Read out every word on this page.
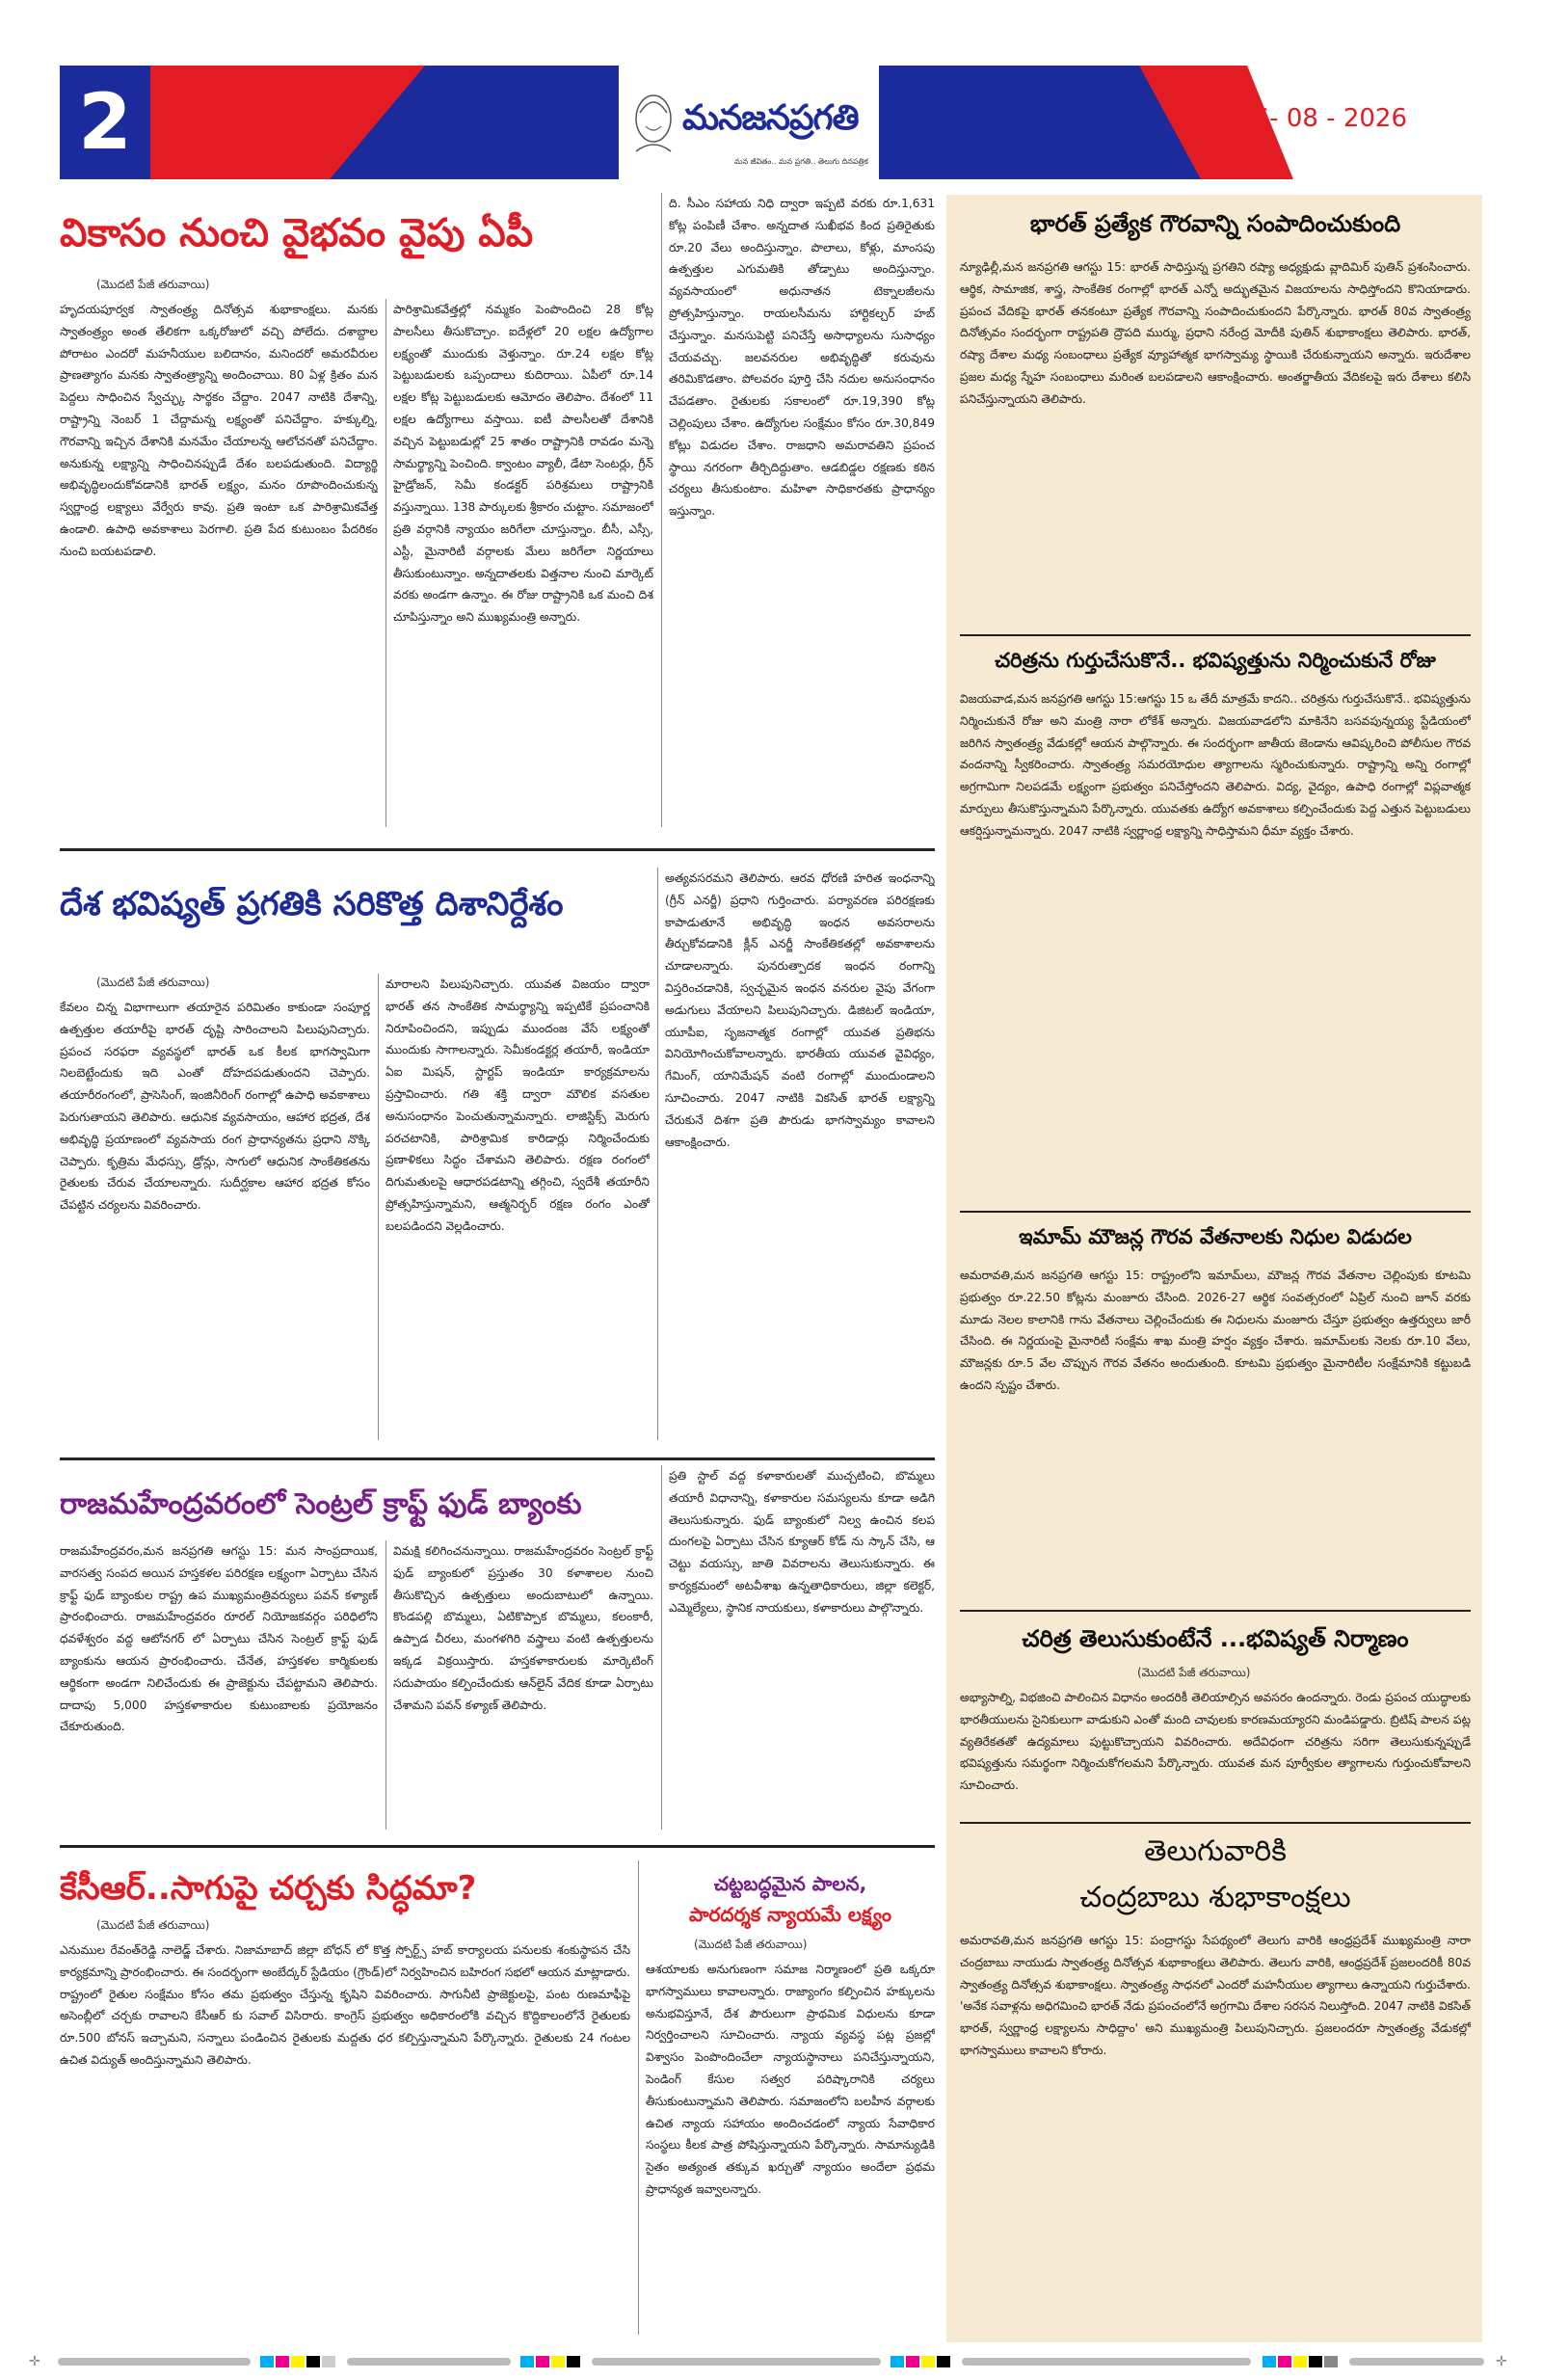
2	మనజనప్రగతి
మన జీవితం.. మన ప్రగతి.. తెలుగు దినపత్రిక
16- 08 - 2026
వికాసం నుంచి వైభవం వైపు ఏపీ
(మొదటి పేజీ తరువాయి)
హృదయపూర్వక స్వాతంత్ర్య దినోత్సవ శుభాకాంక్షలు. మనకు స్వాతంత్ర్యం అంత తేలికగా ఒక్కరోజులో వచ్చి పోలేదు. దశాబ్దాల పోరాటం ఎందరో మహనీయుల బలిదానం, మనిందరో అమరవీరుల ప్రాణత్యాగం మనకు స్వాతంత్ర్యాన్ని అందించాయి. 80 ఏళ్ల క్రితం మన పెద్దలు సాధించిన స్వేచ్ఛ్కు సార్థకం చేద్దాం. 2047 నాటికి దేశాన్ని, రాష్ట్రాన్ని నెంబర్ 1 చేద్దామన్న లక్ష్యంతో పనిచేద్దాం. హక్కుల్ని, గౌరవాన్ని ఇచ్చిన దేశానికి మనమేం చేయాలన్న ఆలోచనతో పనిచేద్దాం. అనుకున్న లక్ష్యాన్ని సాధించినప్పుడే దేశం బలపడుతుంది. విద్యార్థి అభివృద్ధిలందుకోవడానికి భారత్ లక్ష్యం, మనం రూపొందించుకున్న స్వర్ణాంధ్ర లక్ష్యాలు వేర్వేరు కావు. ప్రతి ఇంటా ఒక పారిశ్రామికవేత్త ఉండాలి. ఉపాధి అవకాశాలు పెరగాలి. ప్రతి పేద కుటుంబం పేదరికం నుంచి బయటపడాలి.
పారిశ్రామికవేత్తల్లో నమ్మకం పెంపొందించి 28 కోట్ల పాలసీలు తీసుకొచ్చాం. ఐదేళ్లలో 20 లక్షల ఉద్యోగాల లక్ష్యంతో ముందుకు వెళ్తున్నాం. రూ.24 లక్షల కోట్ల పెట్టుబడులకు ఒప్పందాలు కుదిరాయి. ఏపీలో రూ.14 లక్షల కోట్ల పెట్టుబడులకు ఆమోదం తెలిపాం. దేశంలో 11 లక్షల ఉద్యోగాలు వస్తాయి. ఐటీ పాలసీలతో దేశానికి వచ్చిన పెట్టుబడుల్లో 25 శాతం రాష్ట్రానికి రావడం మన్నె సామర్థ్యాన్ని పెంచింది. క్వాంటం వ్యాలీ, డేటా సెంటర్లు, గ్రీన్ హైడ్రోజన్, సెమీ కండక్టర్ పరిశ్రమలు రాష్ట్రానికి వస్తున్నాయి. 138 పార్కులకు శ్రీకారం చుట్టాం. సమాజంలో ప్రతి వర్గానికి న్యాయం జరిగేలా చూస్తున్నాం. బీసీ, ఎస్సీ, ఎస్టీ, మైనారిటీ వర్గాలకు మేలు జరిగేలా నిర్ణయాలు తీసుకుంటున్నాం. అన్నదాతలకు విత్తనాల నుంచి మార్కెట్ వరకు అండగా ఉన్నాం. ఈ రోజు రాష్ట్రానికి ఒక మంచి దిశ చూపిస్తున్నాం అని ముఖ్యమంత్రి అన్నారు.
ది. సీఎం సహాయ నిధి ద్వారా ఇప్పటి వరకు రూ.1,631 కోట్ల పంపిణీ చేశాం. అన్నదాత సుఖీభవ కింద ప్రతిరైతుకు రూ.20 వేలు అందిస్తున్నాం. పొలాలు, కోళ్లు, మాంసపు ఉత్పత్తుల ఎగుమతికి తోడ్పాటు అందిస్తున్నాం. వ్యవసాయంలో అధునాతన టెక్నాలజీలను ప్రోత్సహిస్తున్నాం. రాయలసీమను హార్టికల్చర్ హబ్ చేస్తున్నాం. మనసుపెట్టి పనిచేస్తే అసాధ్యాలను సుసాధ్యం చేయవచ్చు. జలవనరుల అభివృద్ధితో కరువును తరిమికొడతాం. పోలవరం పూర్తి చేసి నదుల అనుసంధానం చేపడతాం. రైతులకు సకాలంలో రూ.19,390 కోట్ల చెల్లింపులు చేశాం. ఉద్యోగుల సంక్షేమం కోసం రూ.30,849 కోట్లు విడుదల చేశాం. రాజధాని అమరావతిని ప్రపంచ స్థాయి నగరంగా తీర్చిదిద్దుతాం. ఆడబిడ్డల రక్షణకు కఠిన చర్యలు తీసుకుంటాం. మహిళా సాధికారతకు ప్రాధాన్యం ఇస్తున్నాం.
దేశ భవిష్యత్ ప్రగతికి సరికొత్త దిశానిర్దేశం
(మొదటి పేజీ తరువాయి)
కేవలం చిన్న విభాగాలుగా తయారైన పరిమితం కాకుండా సంపూర్ణ ఉత్పత్తుల తయారీపై భారత్ దృష్టి సారించాలని పిలుపునిచ్చారు. ప్రపంచ సరఫరా వ్యవస్థలో భారత్ ఒక కీలక భాగస్వామిగా నిలబెట్టేందుకు ఇది ఎంతో దోహదపడుతుందని చెప్పారు. తయారీరంగంలో, ప్రాసెసింగ్, ఇంజినీరింగ్ రంగాల్లో ఉపాధి అవకాశాలు పెరుగుతాయని తెలిపారు. ఆధునిక వ్యవసాయం, ఆహార భద్రత, దేశ అభివృద్ధి ప్రయాణంలో వ్యవసాయ రంగ ప్రాధాన్యతను ప్రధాని నొక్కి చెప్పారు. కృత్రిమ మేధస్సు, డ్రోన్లు, సాగులో ఆధునిక సాంకేతికతను రైతులకు చేరువ చేయాలన్నారు. సుదీర్ఘకాల ఆహార భద్రత కోసం చేపట్టిన చర్యలను వివరించారు.
మారాలని పిలుపునిచ్చారు. యువత విజయం ద్వారా భారత్ తన సాంకేతిక సామర్థ్యాన్ని ఇప్పటికే ప్రపంచానికి నిరూపించిందని, ఇప్పుడు ముందంజ వేసే లక్ష్యంతో ముందుకు సాగాలన్నారు. సెమీకండక్టర్ల తయారీ, ఇండియా ఏఐ మిషన్, స్టార్టప్ ఇండియా కార్యక్రమాలను ప్రస్తావించారు. గతి శక్తి ద్వారా మౌలిక వసతుల అనుసంధానం పెంచుతున్నామన్నారు. లాజిస్టిక్స్ మెరుగు పరచటానికి, పారిశ్రామిక కారిడార్లు నిర్మించేందుకు ప్రణాళికలు సిద్ధం చేశామని తెలిపారు. రక్షణ రంగంలో దిగుమతులపై ఆధారపడటాన్ని తగ్గించి, స్వదేశీ తయారీని ప్రోత్సహిస్తున్నామని, ఆత్మనిర్భర్ రక్షణ రంగం ఎంతో బలపడిందని వెల్లడించారు.
అత్యవసరమని తెలిపారు. ఆరవ ధోరణి హరిత ఇంధనాన్ని (గ్రీన్ ఎనర్జీ) ప్రధాని గుర్తించారు. పర్యావరణ పరిరక్షణకు కాపాడుతూనే అభివృద్ధి ఇంధన అవసరాలను తీర్చుకోవడానికి క్లీన్ ఎనర్జీ సాంకేతికతల్లో అవకాశాలను చూడాలన్నారు. పునరుత్పాదక ఇంధన రంగాన్ని విస్తరించడానికి, స్వచ్ఛమైన ఇంధన వనరుల వైపు వేగంగా అడుగులు వేయాలని పిలుపునిచ్చారు. డిజిటల్ ఇండియా, యూపీఐ, సృజనాత్మక రంగాల్లో యువత ప్రతిభను వినియోగించుకోవాలన్నారు. భారతీయ యువత వైవిధ్యం, గేమింగ్, యానిమేషన్ వంటి రంగాల్లో ముందుండాలని సూచించారు. 2047 నాటికి వికసిత్ భారత్ లక్ష్యాన్ని చేరుకునే దిశగా ప్రతి పౌరుడు భాగస్వామ్యం కావాలని ఆకాంక్షించారు.
రాజమహేంద్రవరంలో సెంట్రల్ క్రాఫ్ట్ ఫుడ్ బ్యాంకు
రాజమహేంద్రవరం,మన జనప్రగతి ఆగస్టు 15: మన సాంప్రదాయిక, వారసత్వ సంపద అయిన హస్తకళల పరిరక్షణ లక్ష్యంగా ఏర్పాటు చేసిన క్రాఫ్ట్ ఫుడ్ బ్యాంకుల రాష్ట్ర ఉప ముఖ్యమంత్రివర్యులు పవన్ కళ్యాణ్ ప్రారంభించారు. రాజమహేంద్రవరం రూరల్ నియోజకవర్గం పరిధిలోని ధవళేశ్వరం వద్ద ఆటోనగర్ లో ఏర్పాటు చేసిన సెంట్రల్ క్రాఫ్ట్ ఫుడ్ బ్యాంకును ఆయన ప్రారంభించారు. చేనేత, హస్తకళల కార్మికులకు ఆర్థికంగా అండగా నిలిచేందుకు ఈ ప్రాజెక్టును చేపట్టామని తెలిపారు. దాదాపు 5,000 హస్తకళాకారుల కుటుంబాలకు ప్రయోజనం చేకూరుతుంది.
విమక్షి కలిగించనున్నాయి. రాజమహేంద్రవరం సెంట్రల్ క్రాఫ్ట్ ఫుడ్ బ్యాంకులో ప్రస్తుతం 30 కళాశాలల నుంచి తీసుకొచ్చిన ఉత్పత్తులు అందుబాటులో ఉన్నాయి. కొండపల్లి బొమ్మలు, ఏటికొప్పాక బొమ్మలు, కలంకారీ, ఉప్పాడ చీరలు, మంగళగిరి వస్త్రాలు వంటి ఉత్పత్తులను ఇక్కడ విక్రయిస్తారు. హస్తకళాకారులకు మార్కెటింగ్ సదుపాయం కల్పించేందుకు ఆన్‌లైన్ వేదిక కూడా ఏర్పాటు చేశామని పవన్ కళ్యాణ్ తెలిపారు.
ప్రతి స్టాల్ వద్ద కళాకారులతో ముచ్చటించి, బొమ్మలు తయారీ విధానాన్ని, కళాకారుల సమస్యలను కూడా అడిగి తెలుసుకున్నారు. ఫుడ్ బ్యాంకులో నిల్వ ఉంచిన కలప దుంగలపై ఏర్పాటు చేసిన క్యూఆర్ కోడ్ ను స్కాన్ చేసి, ఆ చెట్టు వయస్సు, జాతి వివరాలను తెలుసుకున్నారు. ఈ కార్యక్రమంలో అటవీశాఖ ఉన్నతాధికారులు, జిల్లా కలెక్టర్, ఎమ్మెల్యేలు, స్థానిక నాయకులు, కళాకారులు పాల్గొన్నారు.
కేసీఆర్..సాగుపై చర్చకు సిద్ధమా?
(మొదటి పేజీ తరువాయి)
ఎనుముల రేవంత్‌రెడ్డి నాలెడ్జ్ చేశారు. నిజామాబాద్ జిల్లా బోధన్ లో కొత్త స్పోర్ట్స్ హబ్ కార్యాలయ పనులకు శంకుస్థాపన చేసి కార్యక్రమాన్ని ప్రారంభించారు. ఈ సందర్భంగా అంబేద్కర్ స్టేడియం (గ్రౌండ్)లో నిర్వహించిన బహిరంగ సభలో ఆయన మాట్లాడారు. రాష్ట్రంలో రైతుల సంక్షేమం కోసం తమ ప్రభుత్వం చేస్తున్న కృషిని వివరించారు. సాగునీటి ప్రాజెక్టులపై, పంట రుణమాఫీపై అసెంబ్లీలో చర్చకు రావాలని కేసీఆర్ కు సవాల్ విసిరారు. కాంగ్రెస్ ప్రభుత్వం అధికారంలోకి వచ్చిన కొద్దికాలంలోనే రైతులకు రూ.500 బోనస్ ఇచ్చామని, సన్నాలు పండించిన రైతులకు మద్దతు ధర కల్పిస్తున్నామని పేర్కొన్నారు. రైతులకు 24 గంటల ఉచిత విద్యుత్ అందిస్తున్నామని తెలిపారు.
చట్టబద్ధమైన పాలన,
పారదర్శక న్యాయమే లక్ష్యం
(మొదటి పేజీ తరువాయి)
ఆశయాలకు అనుగుణంగా సమాజ నిర్మాణంలో ప్రతి ఒక్కరూ భాగస్వాములు కావాలన్నారు. రాజ్యాంగం కల్పించిన హక్కులను అనుభవిస్తూనే, దేశ పౌరులుగా ప్రాథమిక విధులను కూడా నిర్వర్తించాలని సూచించారు. న్యాయ వ్యవస్థ పట్ల ప్రజల్లో విశ్వాసం పెంపొందించేలా న్యాయస్థానాలు పనిచేస్తున్నాయని, పెండింగ్ కేసుల సత్వర పరిష్కారానికి చర్యలు తీసుకుంటున్నామని తెలిపారు. సమాజంలోని బలహీన వర్గాలకు ఉచిత న్యాయ సహాయం అందించడంలో న్యాయ సేవాధికార సంస్థలు కీలక పాత్ర పోషిస్తున్నాయని పేర్కొన్నారు. సామాన్యుడికి సైతం అత్యంత తక్కువ ఖర్చుతో న్యాయం అందేలా ప్రథమ ప్రాధాన్యత ఇవ్వాలన్నారు.
భారత్ ప్రత్యేక గౌరవాన్ని సంపాదించుకుంది
న్యూఢిల్లీ,మన జనప్రగతి ఆగస్టు 15: భారత్ సాధిస్తున్న ప్రగతిని రష్యా అధ్యక్షుడు వ్లాదిమిర్ పుతిన్ ప్రశంసించారు. ఆర్థిక, సామాజిక, శాస్త్ర, సాంకేతిక రంగాల్లో భారత్ ఎన్నో అద్భుతమైన విజయాలను సాధిస్తోందని కొనియాడారు. ప్రపంచ వేదికపై భారత్ తనకంటూ ప్రత్యేక గౌరవాన్ని సంపాదించుకుందని పేర్కొన్నారు. భారత్ 80వ స్వాతంత్ర్య దినోత్సవం సందర్భంగా రాష్ట్రపతి ద్రౌపది ముర్ము, ప్రధాని నరేంద్ర మోదీకి పుతిన్ శుభాకాంక్షలు తెలిపారు. భారత్, రష్యా దేశాల మధ్య సంబంధాలు ప్రత్యేక వ్యూహాత్మక భాగస్వామ్య స్థాయికి చేరుకున్నాయని అన్నారు. ఇరుదేశాల ప్రజల మధ్య స్నేహ సంబంధాలు మరింత బలపడాలని ఆకాంక్షించారు. అంతర్జాతీయ వేదికలపై ఇరు దేశాలు కలిసి పనిచేస్తున్నాయని తెలిపారు.
చరిత్రను గుర్తుచేసుకొనే.. భవిష్యత్తును నిర్మించుకునే రోజు
విజయవాడ,మన జనప్రగతి ఆగస్టు 15:ఆగస్టు 15 ఒ తేదీ మాత్రమే కాదని.. చరిత్రను గుర్తుచేసుకొనే.. భవిష్యత్తును నిర్మించుకునే రోజు అని మంత్రి నారా లోకేశ్ అన్నారు. విజయవాడలోని మాకినేని బసవపున్నయ్య స్టేడియంలో జరిగిన స్వాతంత్ర్య వేడుకల్లో ఆయన పాల్గొన్నారు. ఈ సందర్భంగా జాతీయ జెండాను ఆవిష్కరించి పోలీసుల గౌరవ వందనాన్ని స్వీకరించారు. స్వాతంత్ర్య సమరయోధుల త్యాగాలను స్మరించుకున్నారు. రాష్ట్రాన్ని అన్ని రంగాల్లో అగ్రగామిగా నిలపడమే లక్ష్యంగా ప్రభుత్వం పనిచేస్తోందని తెలిపారు. విద్య, వైద్యం, ఉపాధి రంగాల్లో విప్లవాత్మక మార్పులు తీసుకొస్తున్నామని పేర్కొన్నారు. యువతకు ఉద్యోగ అవకాశాలు కల్పించేందుకు పెద్ద ఎత్తున పెట్టుబడులు ఆకర్షిస్తున్నామన్నారు. 2047 నాటికి స్వర్ణాంధ్ర లక్ష్యాన్ని సాధిస్తామని ధీమా వ్యక్తం చేశారు.
ఇమామ్ మౌజన్ల గౌరవ వేతనాలకు నిధుల విడుదల
అమరావతి,మన జనప్రగతి ఆగస్టు 15: రాష్ట్రంలోని ఇమామ్‌లు, మౌజన్ల గౌరవ వేతనాల చెల్లింపుకు కూటమి ప్రభుత్వం రూ.22.50 కోట్లను మంజూరు చేసింది. 2026-27 ఆర్థిక సంవత్సరంలో ఏప్రిల్ నుంచి జూన్ వరకు మూడు నెలల కాలానికి గాను వేతనాలు చెల్లించేందుకు ఈ నిధులను మంజూరు చేస్తూ ప్రభుత్వం ఉత్తర్వులు జారీ చేసింది. ఈ నిర్ణయంపై మైనారిటీ సంక్షేమ శాఖ మంత్రి హర్షం వ్యక్తం చేశారు. ఇమామ్‌లకు నెలకు రూ.10 వేలు, మౌజన్లకు రూ.5 వేల చొప్పున గౌరవ వేతనం అందుతుంది. కూటమి ప్రభుత్వం మైనారిటీల సంక్షేమానికి కట్టుబడి ఉందని స్పష్టం చేశారు.
చరిత్ర తెలుసుకుంటేనే ...భవిష్యత్ నిర్మాణం
(మొదటి పేజీ తరువాయి)
అభ్యాసాల్ని, విభజించి పాలించిన విధానం అందరికీ తెలియాల్సిన అవసరం ఉందన్నారు. రెండు ప్రపంచ యుద్ధాలకు భారతీయులను సైనికులుగా వాడుకుని ఎంతో మంది చావులకు కారణమయ్యారని మండిపడ్డారు. బ్రిటిష్ పాలన పట్ల వ్యతిరేకతతో ఉద్యమాలు పుట్టుకొచ్చాయని వివరించారు. అదేవిధంగా చరిత్రను సరిగా తెలుసుకున్నప్పుడే భవిష్యత్తును సమర్థంగా నిర్మించుకోగలమని పేర్కొన్నారు. యువత మన పూర్వీకుల త్యాగాలను గుర్తుంచుకోవాలని సూచించారు.
తెలుగువారికి
చంద్రబాబు శుభాకాంక్షలు
అమరావతి,మన జనప్రగతి ఆగస్టు 15: పంద్రాగస్టు సేపథ్యంలో తెలుగు వారికి ఆంధ్రప్రదేశ్ ముఖ్యమంత్రి నారా చంద్రబాబు నాయుడు స్వాతంత్ర్య దినోత్సవ శుభాకాంక్షలు తెలిపారు. తెలుగు వారికి, ఆంధ్రప్రదేశ్ ప్రజలందరికీ 80వ స్వాతంత్ర్య దినోత్సవ శుభాకాంక్షలు. స్వాతంత్ర్య సాధనలో ఎందరో మహనీయుల త్యాగాలు ఉన్నాయని గుర్తుచేశారు. 'అనేక సవాళ్లను అధిగమించి భారత్ నేడు ప్రపంచంలోనే అగ్రగామి దేశాల సరసన నిలుస్తోంది. 2047 నాటికి వికసిత్ భారత్, స్వర్ణాంధ్ర లక్ష్యాలను సాధిద్దాం' అని ముఖ్యమంత్రి పిలుపునిచ్చారు. ప్రజలందరూ స్వాతంత్ర్య వేడుకల్లో భాగస్వాములు కావాలని కోరారు.
✛	✛
